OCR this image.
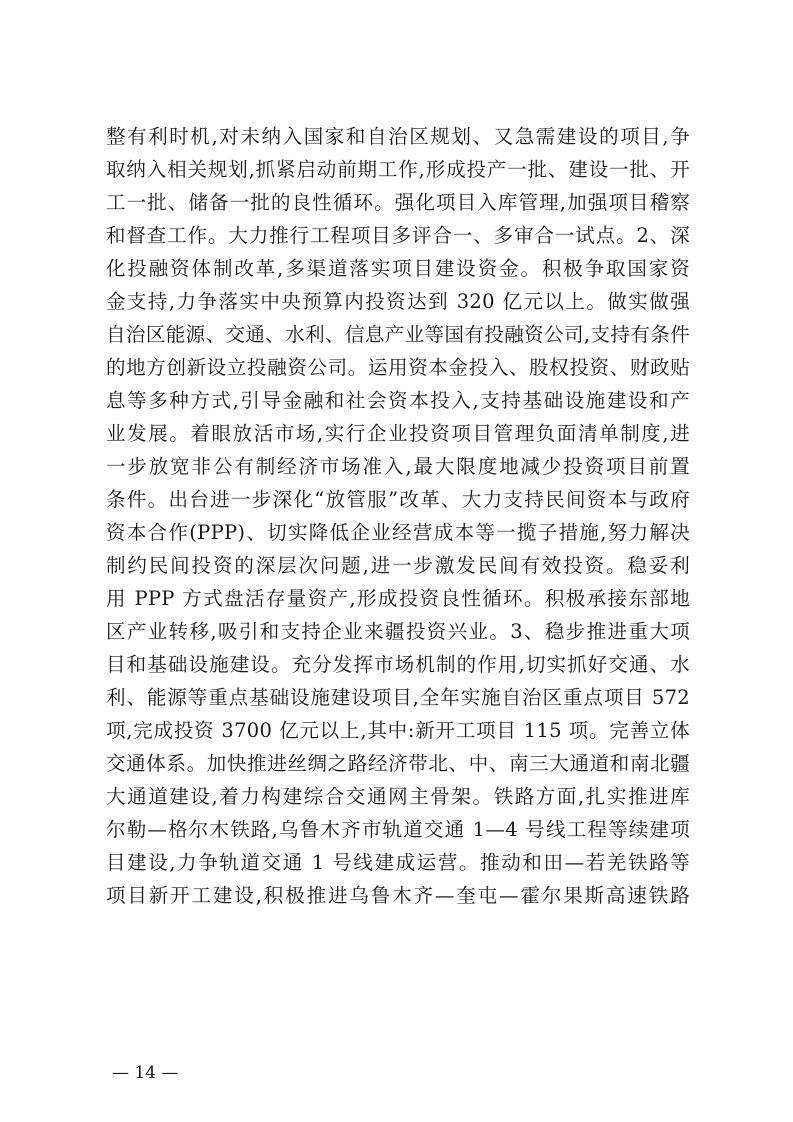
整有利时机,对未纳入国家和自治区规划、又急需建设的项目,争
取纳入相关规划,抓紧启动前期工作,形成投产一批、建设一批、开
工一批、储备一批的良性循环。强化项目入库管理,加强项目稽察
和督查工作。大力推行工程项目多评合一、多审合一试点。2、深
化投融资体制改革,多渠道落实项目建设资金。积极争取国家资
金支持,力争落实中央预算内投资达到 320 亿元以上。做实做强
自治区能源、交通、水利、信息产业等国有投融资公司,支持有条件
的地方创新设立投融资公司。运用资本金投入、股权投资、财政贴
息等多种方式,引导金融和社会资本投入,支持基础设施建设和产
业发展。着眼放活市场,实行企业投资项目管理负面清单制度,进
一步放宽非公有制经济市场准入,最大限度地减少投资项目前置
条件。出台进一步深化“放管服”改革、大力支持民间资本与政府
资本合作(PPP)、切实降低企业经营成本等一揽子措施,努力解决
制约民间投资的深层次问题,进一步激发民间有效投资。稳妥利
用 PPP 方式盘活存量资产,形成投资良性循环。积极承接东部地
区产业转移,吸引和支持企业来疆投资兴业。3、稳步推进重大项
目和基础设施建设。充分发挥市场机制的作用,切实抓好交通、水
利、能源等重点基础设施建设项目,全年实施自治区重点项目 572
项,完成投资 3700 亿元以上,其中:新开工项目 115 项。完善立体
交通体系。加快推进丝绸之路经济带北、中、南三大通道和南北疆
大通道建设,着力构建综合交通网主骨架。铁路方面,扎实推进库
尔勒—格尔木铁路,乌鲁木齐市轨道交通 1—4 号线工程等续建项
目建设,力争轨道交通 1 号线建成运营。推动和田—若羌铁路等
项目新开工建设,积极推进乌鲁木齐—奎屯—霍尔果斯高速铁路
— 14 —
